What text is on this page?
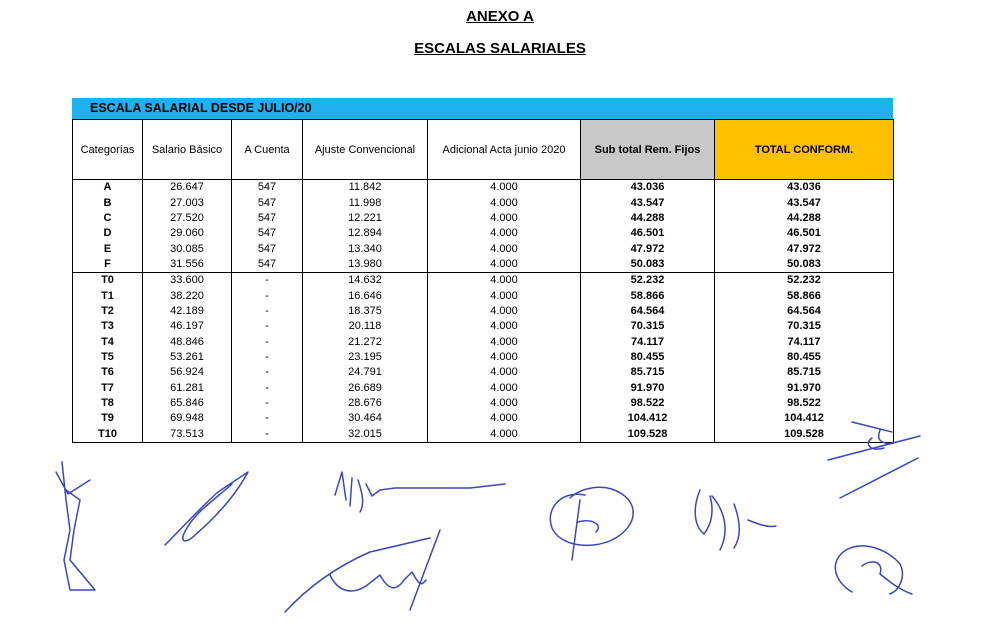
ANEXO A
ESCALAS SALARIALES
ESCALA SALARIAL DESDE JULIO/20
Categorías	Salario Básico	A Cuenta	Ajuste Convencional	Adicional Acta junio 2020	Sub total Rem. Fijos	TOTAL CONFORM.
A	26.647	547	11.842	4.000	43.036	43.036
B	27.003	547	11.998	4.000	43.547	43.547
C	27.520	547	12.221	4.000	44.288	44.288
D	29.060	547	12.894	4.000	46.501	46.501
E	30.085	547	13.340	4.000	47.972	47.972
F	31.556	547	13.980	4.000	50.083	50.083
T0	33.600	-	14.632	4.000	52.232	52.232
T1	38.220	-	16.646	4.000	58.866	58.866
T2	42.189	-	18.375	4.000	64.564	64.564
T3	46.197	-	20.118	4.000	70.315	70.315
T4	48.846	-	21.272	4.000	74.117	74.117
T5	53.261	-	23.195	4.000	80.455	80.455
T6	56.924	-	24.791	4.000	85.715	85.715
T7	61.281	-	26.689	4.000	91.970	91.970
T8	65.846	-	28.676	4.000	98.522	98.522
T9	69.948	-	30.464	4.000	104.412	104.412
T10	73.513	-	32.015	4.000	109.528	109.528
